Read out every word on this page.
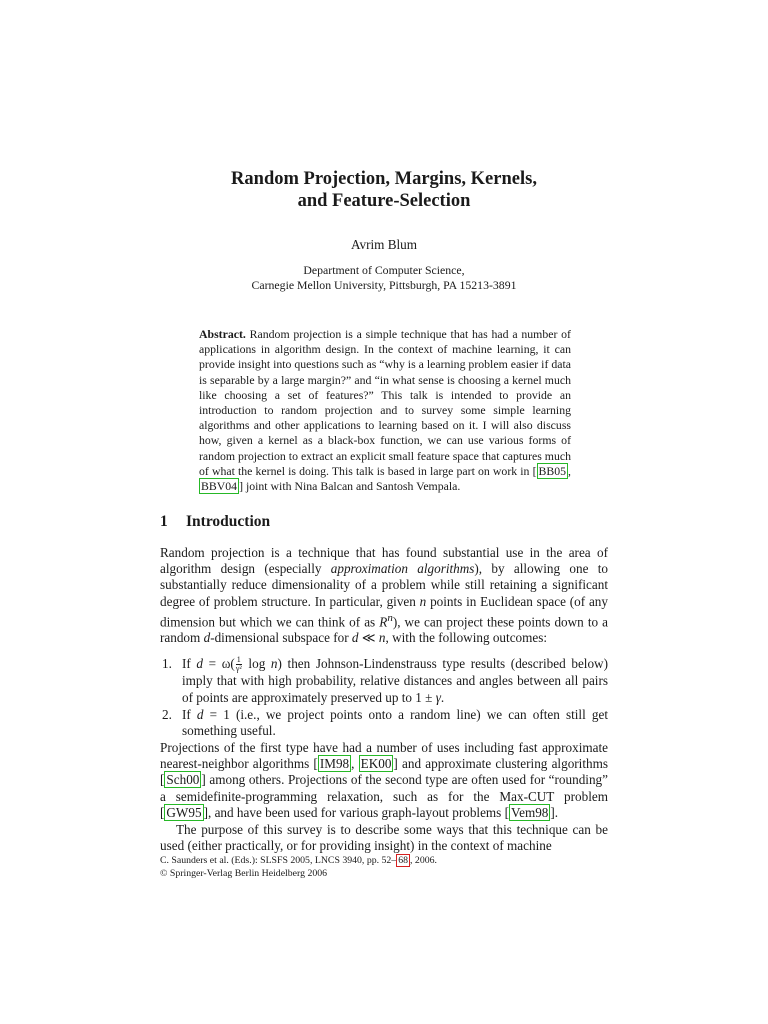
Random Projection, Margins, Kernels,
and Feature-Selection
Avrim Blum
Department of Computer Science,
Carnegie Mellon University, Pittsburgh, PA 15213-3891
Abstract. Random projection is a simple technique that has had a number of applications in algorithm design. In the context of machine learning, it can provide insight into questions such as “why is a learning problem easier if data is separable by a large margin?” and “in what sense is choosing a kernel much like choosing a set of features?” This talk is intended to provide an introduction to random projection and to survey some simple learning algorithms and other applications to learning based on it. I will also discuss how, given a kernel as a black-box function, we can use various forms of random projection to extract an explicit small feature space that captures much of what the kernel is doing. This talk is based in large part on work in [ BB05 , BBV04 ] joint with Nina Balcan and Santosh Vempala.
1 Introduction
Random projection is a technique that has found substantial use in the area of algorithm design (especially approximation algorithms), by allowing one to substantially reduce dimensionality of a problem while still retaining a significant degree of problem structure. In particular, given n points in Euclidean space (of any dimension but which we can think of as $R^n$), we can project these points down to a random d-dimensional subspace for d ≪ n, with the following outcomes:
1. If $d = \omega( \frac{1}{\text{γ²}}$ log n) then Johnson-Lindenstrauss type results (described below) imply that with high probability, relative distances and angles between all pairs of points are approximately preserved up to 1 ± γ.
2. If d = 1 (i.e., we project points onto a random line) we can often still get something useful.
Projections of the first type have had a number of uses including fast approximate nearest-neighbor algorithms [ IM98 , EK00 ] and approximate clustering algorithms [ Sch00 ] among others. Projections of the second type are often used for “rounding” a semidefinite-programming relaxation, such as for the Max-CUT problem [ GW95 ], and have been used for various graph-layout problems [ Vem98 ].
The purpose of this survey is to describe some ways that this technique can be used (either practically, or for providing insight) in the context of machine
C. Saunders et al. (Eds.): SLSFS 2005, LNCS 3940, pp. 52– 68 , 2006.
© Springer-Verlag Berlin Heidelberg 2006
